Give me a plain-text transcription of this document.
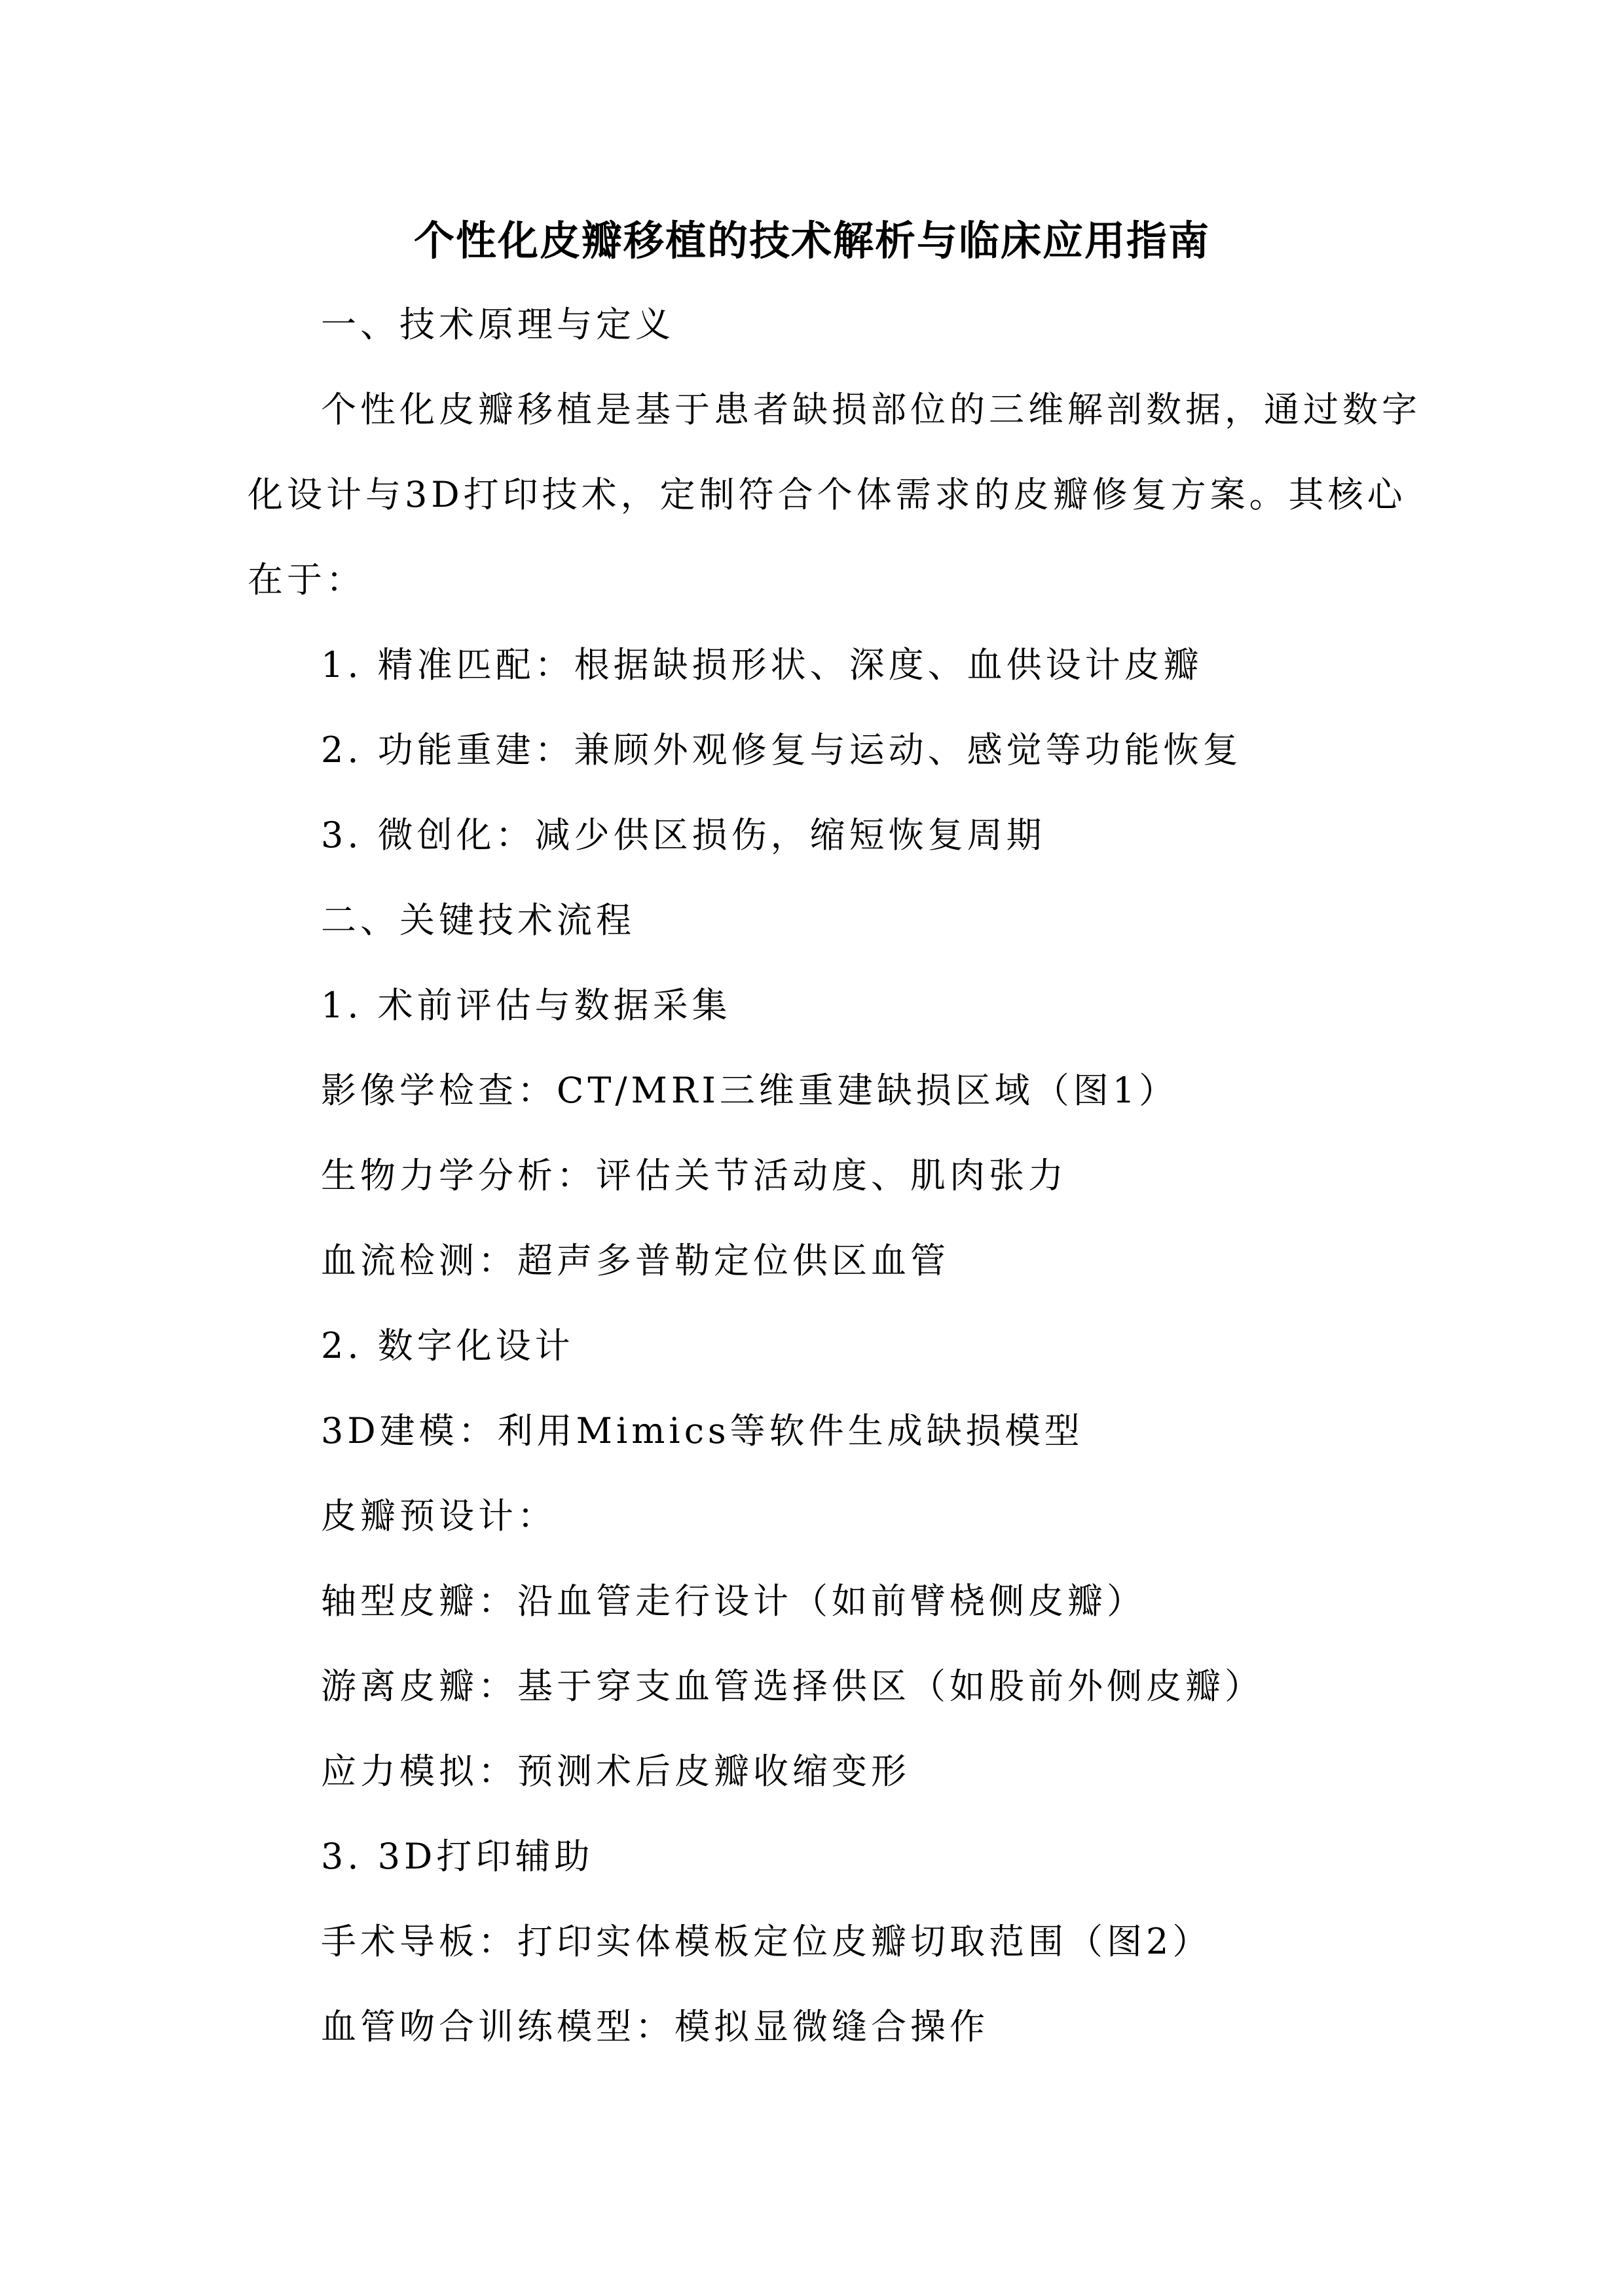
个性化皮瓣移植的技术解析与临床应用指南
一、技术原理与定义
个性化皮瓣移植是基于患者缺损部位的三维解剖数据，通过数字
化设计与3D打印技术，定制符合个体需求的皮瓣修复方案。其核心
在于：
1. 精准匹配：根据缺损形状、深度、血供设计皮瓣
2. 功能重建：兼顾外观修复与运动、感觉等功能恢复
3. 微创化：减少供区损伤，缩短恢复周期
二、关键技术流程
1. 术前评估与数据采集
影像学检查：CT/MRI三维重建缺损区域（图1）
生物力学分析：评估关节活动度、肌肉张力
血流检测：超声多普勒定位供区血管
2. 数字化设计
3D建模：利用Mimics等软件生成缺损模型
皮瓣预设计：
轴型皮瓣：沿血管走行设计（如前臂桡侧皮瓣）
游离皮瓣：基于穿支血管选择供区（如股前外侧皮瓣）
应力模拟：预测术后皮瓣收缩变形
3. 3D打印辅助
手术导板：打印实体模板定位皮瓣切取范围（图2）
血管吻合训练模型：模拟显微缝合操作
